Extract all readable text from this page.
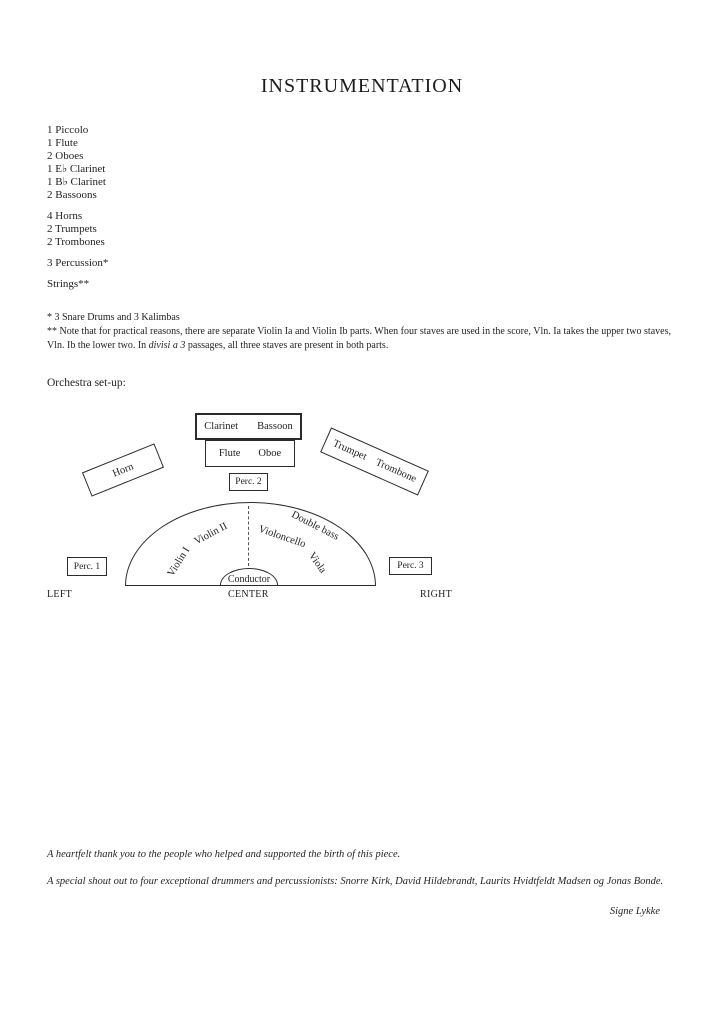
INSTRUMENTATION
1 Piccolo
1 Flute
2 Oboes
1 E♭ Clarinet
1 B♭ Clarinet
2 Bassoons
4 Horns
2 Trumpets
2 Trombones
3 Percussion*
Strings**

* 3 Snare Drums and 3 Kalimbas

** Note that for practical reasons, there are separate Violin Ia and Violin Ib parts. When four staves are used in the score, Vln. Ia takes the upper two staves, Vln. Ib the lower two. In divisi a 3 passages, all three staves are present in both parts.

Orchestra set-up:
Clarinet Bassoon
Flute Oboe
Horn
Trumpet
Trombone
Perc. 2
Violin I
Violin II	Violoncello
Double bass
Viola
Conductor
Perc. 1	Perc. 3
LEFT	CENTER	RIGHT
A heartfelt thank you to the people who helped and supported the birth of this piece.
A special shout out to four exceptional drummers and percussionists: Snorre Kirk, David Hildebrandt, Laurits Hvidtfeldt Madsen og Jonas Bonde.
Signe Lykke
